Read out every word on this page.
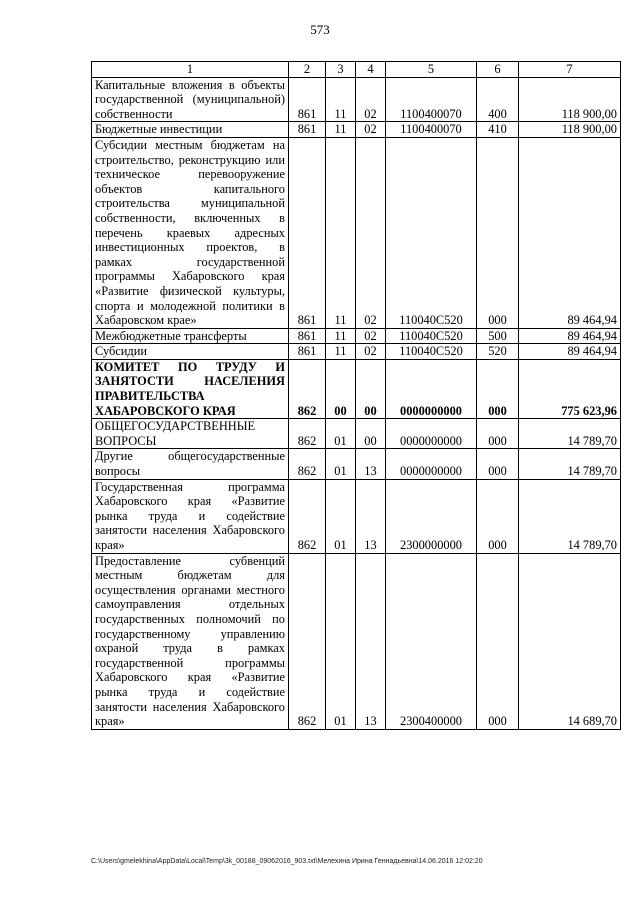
573
1	2	3	4	5	6	7
Капитальные вложения в объекты государственной (муниципальной) собственности	861	11	02	1100400070	400	118 900,00
Бюджетные инвестиции	861	11	02	1100400070	410	118 900,00
Субсидии местным бюджетам на строительство, реконструкцию или техническое перевооружение объектов капитального строительства муниципальной собственности, включенных в перечень краевых адресных инвестиционных проектов, в рамках государственной программы Хабаровского края «Развитие физической культуры, спорта и молодежной политики в Хабаровском крае»	861	11	02	110040С520	000	89 464,94
Межбюджетные трансферты	861	11	02	110040С520	500	89 464,94
Субсидии	861	11	02	110040С520	520	89 464,94
КОМИТЕТ ПО ТРУДУ И ЗАНЯТОСТИ НАСЕЛЕНИЯ ПРАВИТЕЛЬСТВА ХАБАРОВСКОГО КРАЯ	862	00	00	0000000000	000	775 623,96
ОБЩЕГОСУДАРСТВЕННЫЕ ВОПРОСЫ	862	01	00	0000000000	000	14 789,70
Другие общегосударственные вопросы	862	01	13	0000000000	000	14 789,70
Государственная программа Хабаровского края «Развитие рынка труда и содействие занятости населения Хабаровского края»	862	01	13	2300000000	000	14 789,70
Предоставление субвенций местным бюджетам для осуществления органами местного самоуправления отдельных государственных полномочий по государственному управлению охраной труда в рамках государственной программы Хабаровского края «Развитие рынка труда и содействие занятости населения Хабаровского края»	862	01	13	2300400000	000	14 689,70
C:\Users\gmelekhina\AppData\Local\Temp\3k_00188_09062016_903.txt\Мелехина Ирина Геннадьевна\14.06.2016 12:02:20
